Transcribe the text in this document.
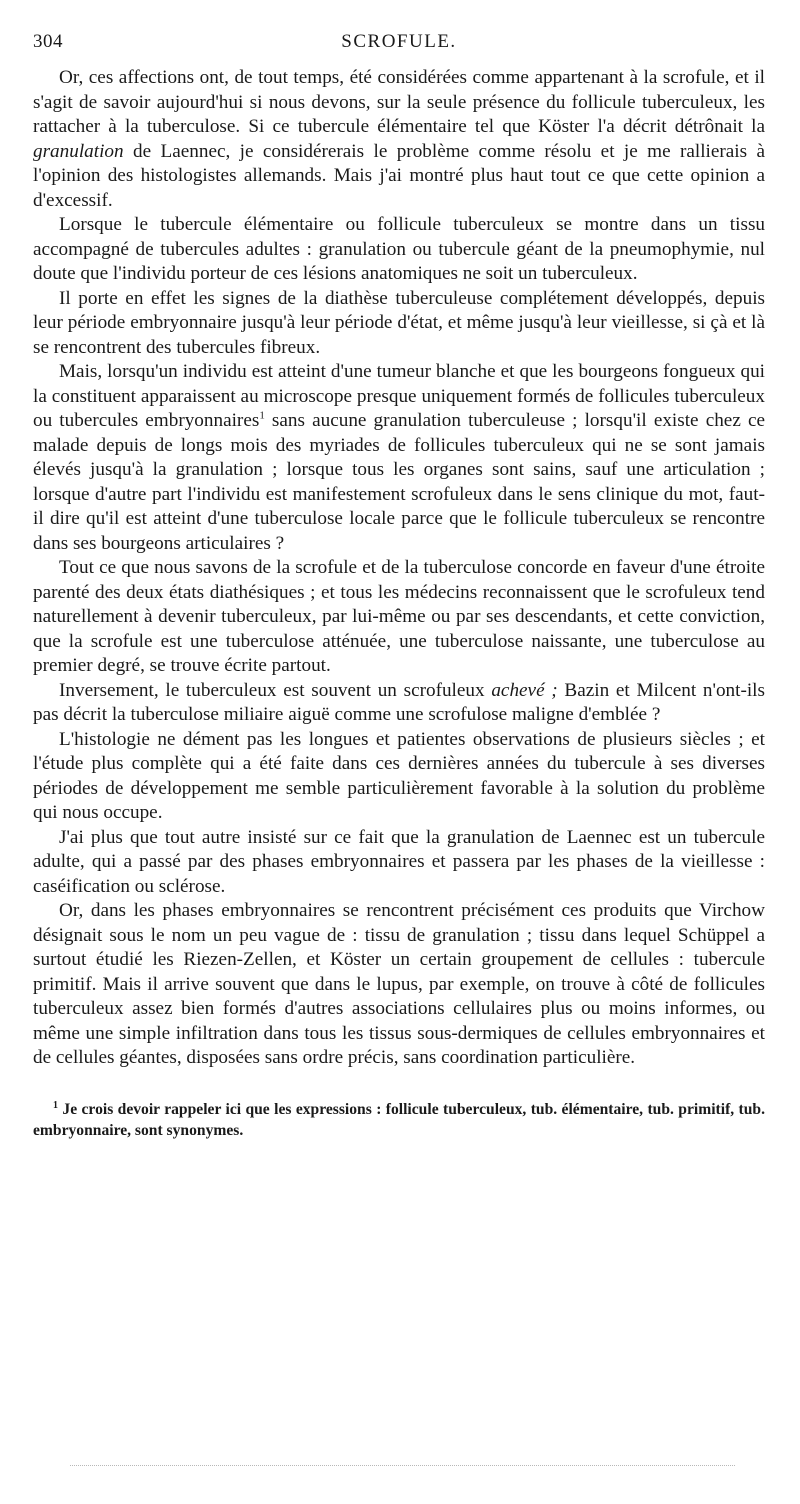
304	SCROFULE.

Or, ces affections ont, de tout temps, été considérées comme appartenant à la scrofule, et il s'agit de savoir aujourd'hui si nous devons, sur la seule présence du follicule tuberculeux, les rattacher à la tuberculose. Si ce tubercule élémentaire tel que Köster l'a décrit détrônait la granulation de Laennec, je considérerais le problème comme résolu et je me rallierais à l'opinion des histologistes allemands. Mais j'ai montré plus haut tout ce que cette opinion a d'excessif.

Lorsque le tubercule élémentaire ou follicule tuberculeux se montre dans un tissu accompagné de tubercules adultes : granulation ou tubercule géant de la pneumophymie, nul doute que l'individu porteur de ces lésions anatomiques ne soit un tuberculeux.

Il porte en effet les signes de la diathèse tuberculeuse complétement développés, depuis leur période embryonnaire jusqu'à leur période d'état, et même jusqu'à leur vieillesse, si çà et là se rencontrent des tubercules fibreux.

Mais, lorsqu'un individu est atteint d'une tumeur blanche et que les bourgeons fongueux qui la constituent apparaissent au microscope presque uniquement formés de follicules tuberculeux ou tubercules embryonnaires$^1$ sans aucune granulation tuberculeuse ; lorsqu'il existe chez ce malade depuis de longs mois des myriades de follicules tuberculeux qui ne se sont jamais élevés jusqu'à la granulation ; lorsque tous les organes sont sains, sauf une articulation ; lorsque d'autre part l'individu est manifestement scrofuleux dans le sens clinique du mot, faut-il dire qu'il est atteint d'une tuberculose locale parce que le follicule tuberculeux se rencontre dans ses bourgeons articulaires ?

Tout ce que nous savons de la scrofule et de la tuberculose concorde en faveur d'une étroite parenté des deux états diathésiques ; et tous les médecins reconnaissent que le scrofuleux tend naturellement à devenir tuberculeux, par lui-même ou par ses descendants, et cette conviction, que la scrofule est une tuberculose atténuée, une tuberculose naissante, une tuberculose au premier degré, se trouve écrite partout.

Inversement, le tuberculeux est souvent un scrofuleux achevé ; Bazin et Milcent n'ont-ils pas décrit la tuberculose miliaire aiguë comme une scrofulose maligne d'emblée ?

L'histologie ne dément pas les longues et patientes observations de plusieurs siècles ; et l'étude plus complète qui a été faite dans ces dernières années du tubercule à ses diverses périodes de développement me semble particulièrement favorable à la solution du problème qui nous occupe.

J'ai plus que tout autre insisté sur ce fait que la granulation de Laennec est un tubercule adulte, qui a passé par des phases embryonnaires et passera par les phases de la vieillesse : caséification ou sclérose.

Or, dans les phases embryonnaires se rencontrent précisément ces produits que Virchow désignait sous le nom un peu vague de : tissu de granulation ; tissu dans lequel Schüppel a surtout étudié les Riezen-Zellen, et Köster un certain groupement de cellules : tubercule primitif. Mais il arrive souvent que dans le lupus, par exemple, on trouve à côté de follicules tuberculeux assez bien formés d'autres associations cellulaires plus ou moins informes, ou même une simple infiltration dans tous les tissus sous-dermiques de cellules embryonnaires et de cellules géantes, disposées sans ordre précis, sans coordination particulière.

$^1$ Je crois devoir rappeler ici que les expressions : follicule tuberculeux, tub. élémentaire, tub. primitif, tub. embryonnaire, sont synonymes.
